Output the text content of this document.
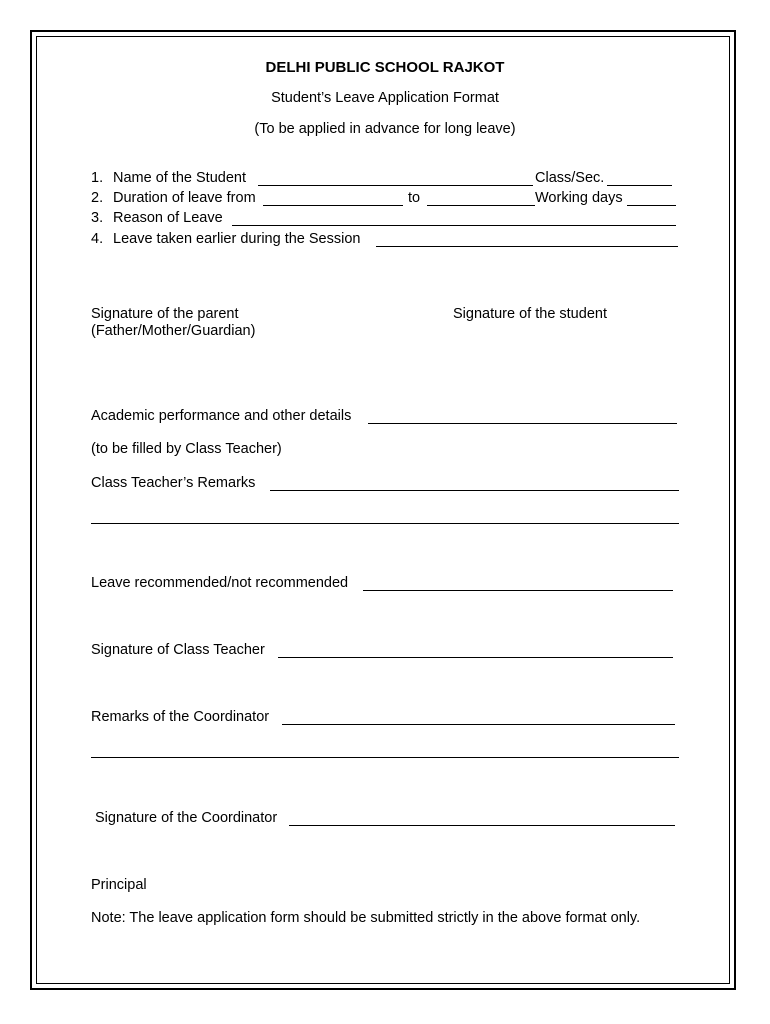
DELHI PUBLIC SCHOOL RAJKOT
Student’s Leave Application Format
(To be applied in advance for long leave)
1. Name of the Student	Class/Sec.
2. Duration of leave from	to	Working days
3. Reason of Leave
4. Leave taken earlier during the Session
Signature of the parent
(Father/Mother/Guardian)
Signature of the student
Academic performance and other details
(to be filled by Class Teacher)
Class Teacher’s Remarks
Leave recommended/not recommended
Signature of Class Teacher
Remarks of the Coordinator
Signature of the Coordinator
Principal
Note: The leave application form should be submitted strictly in the above format only.
